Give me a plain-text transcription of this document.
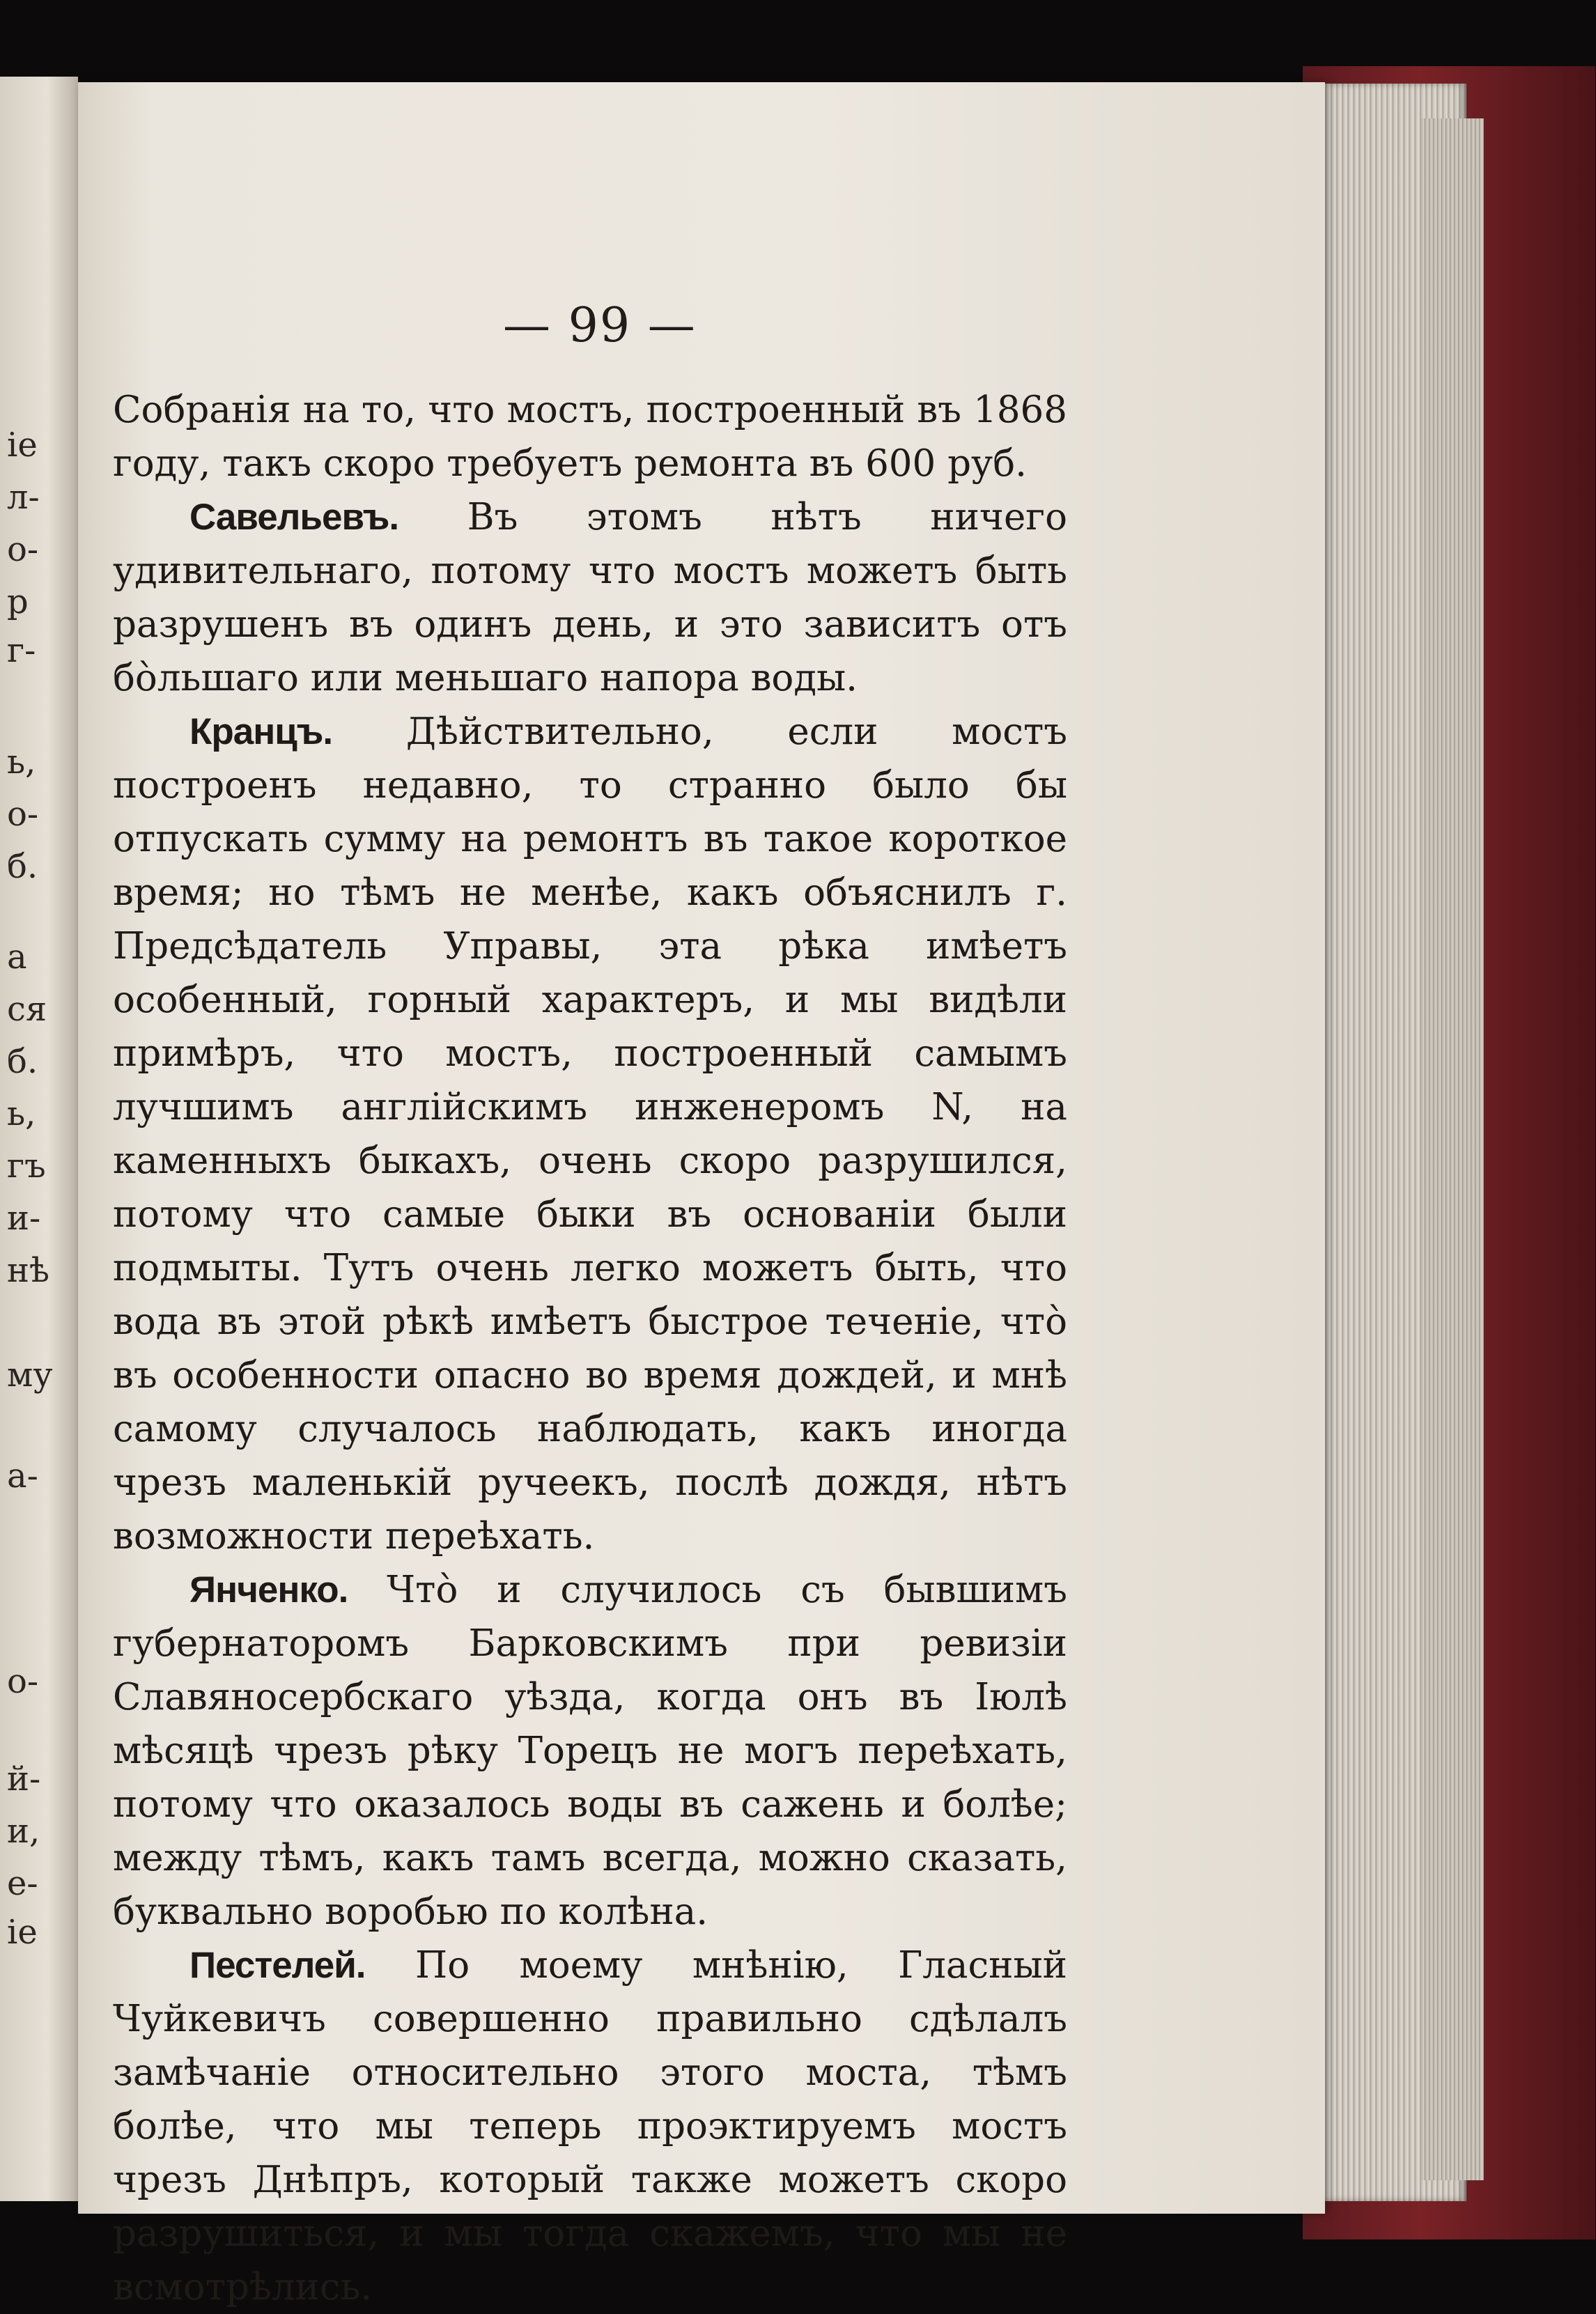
іе
л-
о-
р
г-
ь,
о-
б.
а
ся
б.
ь,
гъ
и-
нѣ
му
а-
о-
й-
и,
е-
іе
— 99 —

Собранія на то, что мостъ, построенный въ 1868 году, такъ скоро требуетъ ремонта въ 600 руб.

Савельевъ. Въ этомъ нѣтъ ничего удивительнаго, потому что мостъ можетъ быть разрушенъ въ одинъ день, и это зависитъ отъ бо̀льшаго или меньшаго напора воды.

Кранцъ. Дѣйствительно, если мостъ построенъ недавно, то странно было бы отпускать сумму на ремонтъ въ такое короткое время; но тѣмъ не менѣе, какъ объяснилъ г. Предсѣдатель Управы, эта рѣка имѣетъ особенный, горный характеръ, и мы видѣли примѣръ, что мостъ, построенный самымъ лучшимъ англійскимъ инженеромъ N, на каменныхъ быкахъ, очень скоро разрушился, потому что самые быки въ основаніи были подмыты. Тутъ очень легко можетъ быть, что вода въ этой рѣкѣ имѣетъ быстрое теченіе, что̀ въ особенности опасно во время дождей, и мнѣ самому случалось наблюдать, какъ иногда чрезъ маленькій ручеекъ, послѣ дождя, нѣтъ возможности переѣхать.

Янченко. Что̀ и случилось съ бывшимъ губернаторомъ Барковскимъ при ревизіи Славяносербскаго уѣзда, когда онъ въ Іюлѣ мѣсяцѣ чрезъ рѣку Торецъ не могъ переѣхать, потому что оказалось воды въ сажень и болѣе; между тѣмъ, какъ тамъ всегда, можно сказать, буквально воробью по колѣна.

Пестелей. По моему мнѣнію, Гласный Чуйкевичъ совершенно правильно сдѣлалъ замѣчаніе относительно этого моста, тѣмъ болѣе, что мы теперь проэктируемъ мостъ чрезъ Днѣпръ, который также можетъ скоро разрушиться, и мы тогда скажемъ, что мы не всмотрѣлись.
